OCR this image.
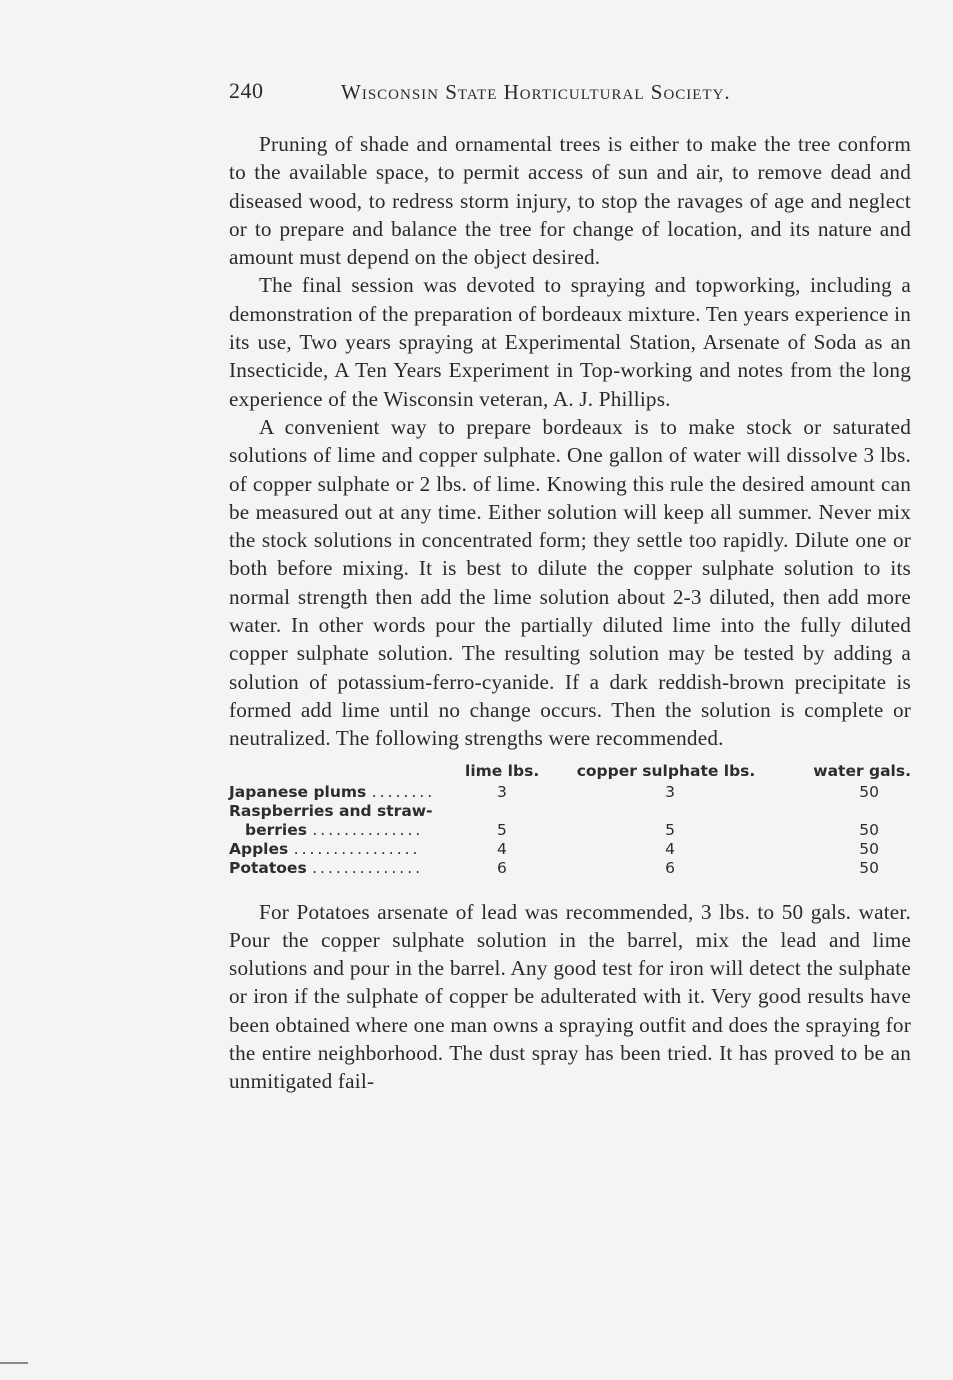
240	Wisconsin State Horticultural Society.

Pruning of shade and ornamental trees is either to make the tree conform to the available space, to permit access of sun and air, to remove dead and diseased wood, to redress storm injury, to stop the ravages of age and neglect or to prepare and balance the tree for change of location, and its nature and amount must depend on the object desired.

The final session was devoted to spraying and topworking, including a demonstration of the preparation of bordeaux mixture. Ten years experience in its use, Two years spraying at Experimental Station, Arsenate of Soda as an Insecticide, A Ten Years Experiment in Top-working and notes from the long experience of the Wisconsin veteran, A. J. Phillips.

A convenient way to prepare bordeaux is to make stock or saturated solutions of lime and copper sulphate. One gallon of water will dissolve 3 lbs. of copper sulphate or 2 lbs. of lime. Knowing this rule the desired amount can be measured out at any time. Either solution will keep all summer. Never mix the stock solutions in concentrated form; they settle too rapidly. Dilute one or both before mixing. It is best to dilute the copper sulphate solution to its normal strength then add the lime solution about 2-3 diluted, then add more water. In other words pour the partially diluted lime into the fully diluted copper sulphate solution. The resulting solution may be tested by adding a solution of potassium-ferro-cyanide. If a dark reddish-brown precipitate is formed add lime until no change occurs. Then the solution is complete or neutralized. The following strengths were recommended.

	lime lbs.	copper sulphate lbs.	water gals.
Japanese plums ........	3	3	50
Raspberries and straw-			
berries ..............	5	5	50
Apples ................	4	4	50
Potatoes ..............	6	6	50

For Potatoes arsenate of lead was recommended, 3 lbs. to 50 gals. water. Pour the copper sulphate solution in the barrel, mix the lead and lime solutions and pour in the barrel. Any good test for iron will detect the sulphate or iron if the sulphate of copper be adulterated with it. Very good results have been obtained where one man owns a spraying outfit and does the spraying for the entire neighborhood. The dust spray has been tried. It has proved to be an unmitigated fail-
